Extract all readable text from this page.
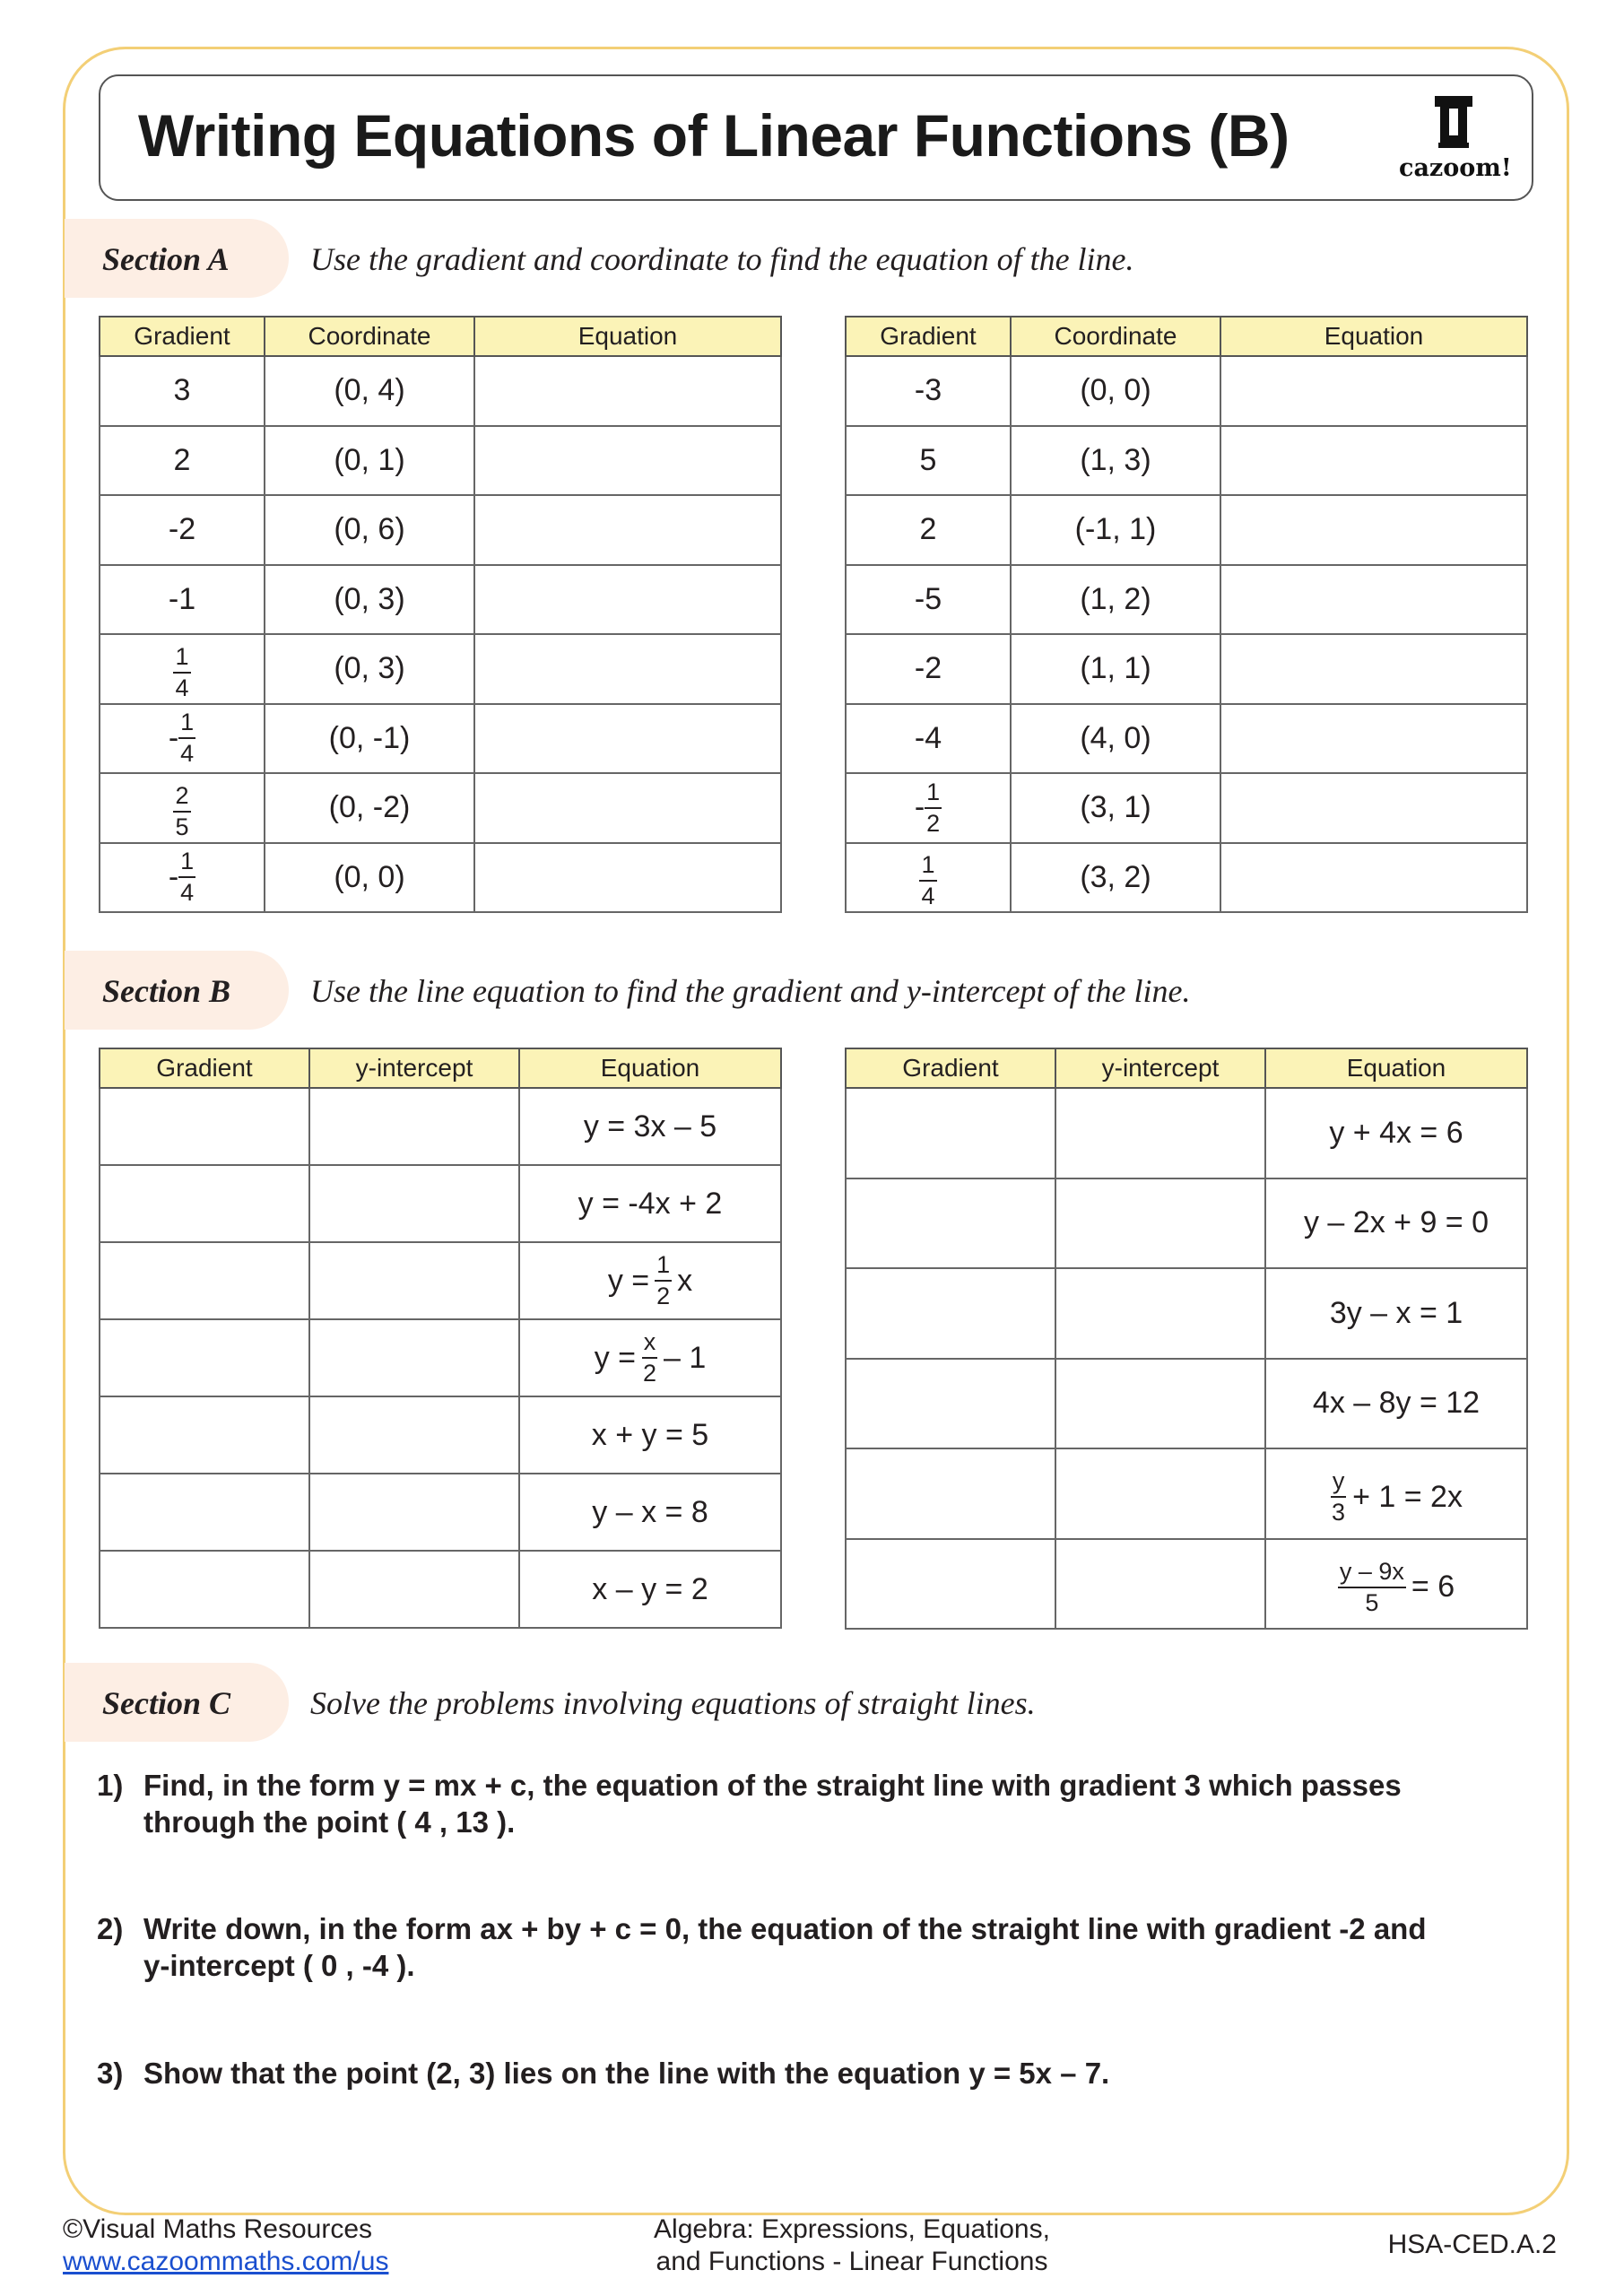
Writing Equations of Linear Functions (B)	cazoom!
Section A	Use the gradient and coordinate to find the equation of the line.
Gradient	Coordinate	Equation
3	(0, 4)	
2	(0, 1)	
-2	(0, 6)	
-1	(0, 3)	

$\frac{1}{4}$	(0, 3)	

- $\frac{1}{4}$	(0, -1)	

$\frac{2}{5}$	(0, -2)	

- $\frac{1}{4}$	(0, 0)	
Gradient	Coordinate	Equation
-3	(0, 0)	
5	(1, 3)	
2	(-1, 1)	
-5	(1, 2)	
-2	(1, 1)	
-4	(4, 0)	

- $\frac{1}{2}$	(3, 1)	

$\frac{1}{4}$	(3, 2)	
Section B Use the line equation to find the gradient and y-intercept of the line.
Gradient	y-intercept	Equation
		y = 3x – 5
		y = -4x + 2

		$y = \frac{1}{2}$ x

		$y = \frac{x}{2} - 1$

		x + y = 5
		y – x = 8
		x – y = 2
Gradient	y-intercept	Equation
		y + 4x = 6
		y – 2x + 9 = 0
		3y – x = 1
		4x – 8y = 12

		$\frac{y}{3} + 1 = 2x$

		$\frac{y - 9x}{5} = 6$
Section C Solve the problems involving equations of straight lines.
1) Find, in the form y = mx + c, the equation of the straight line with gradient 3 which passes
through the point ( 4 , 13 ).
2) Write down, in the form ax + by + c = 0, the equation of the straight line with gradient -2 and
y-intercept ( 0 , -4 ).
3) Show that the point (2, 3) lies on the line with the equation y = 5x – 7.
©Visual Maths Resources
www.cazoommaths.com/us
Algebra: Expressions, Equations,
and Functions - Linear Functions
HSA-CED.A.2
